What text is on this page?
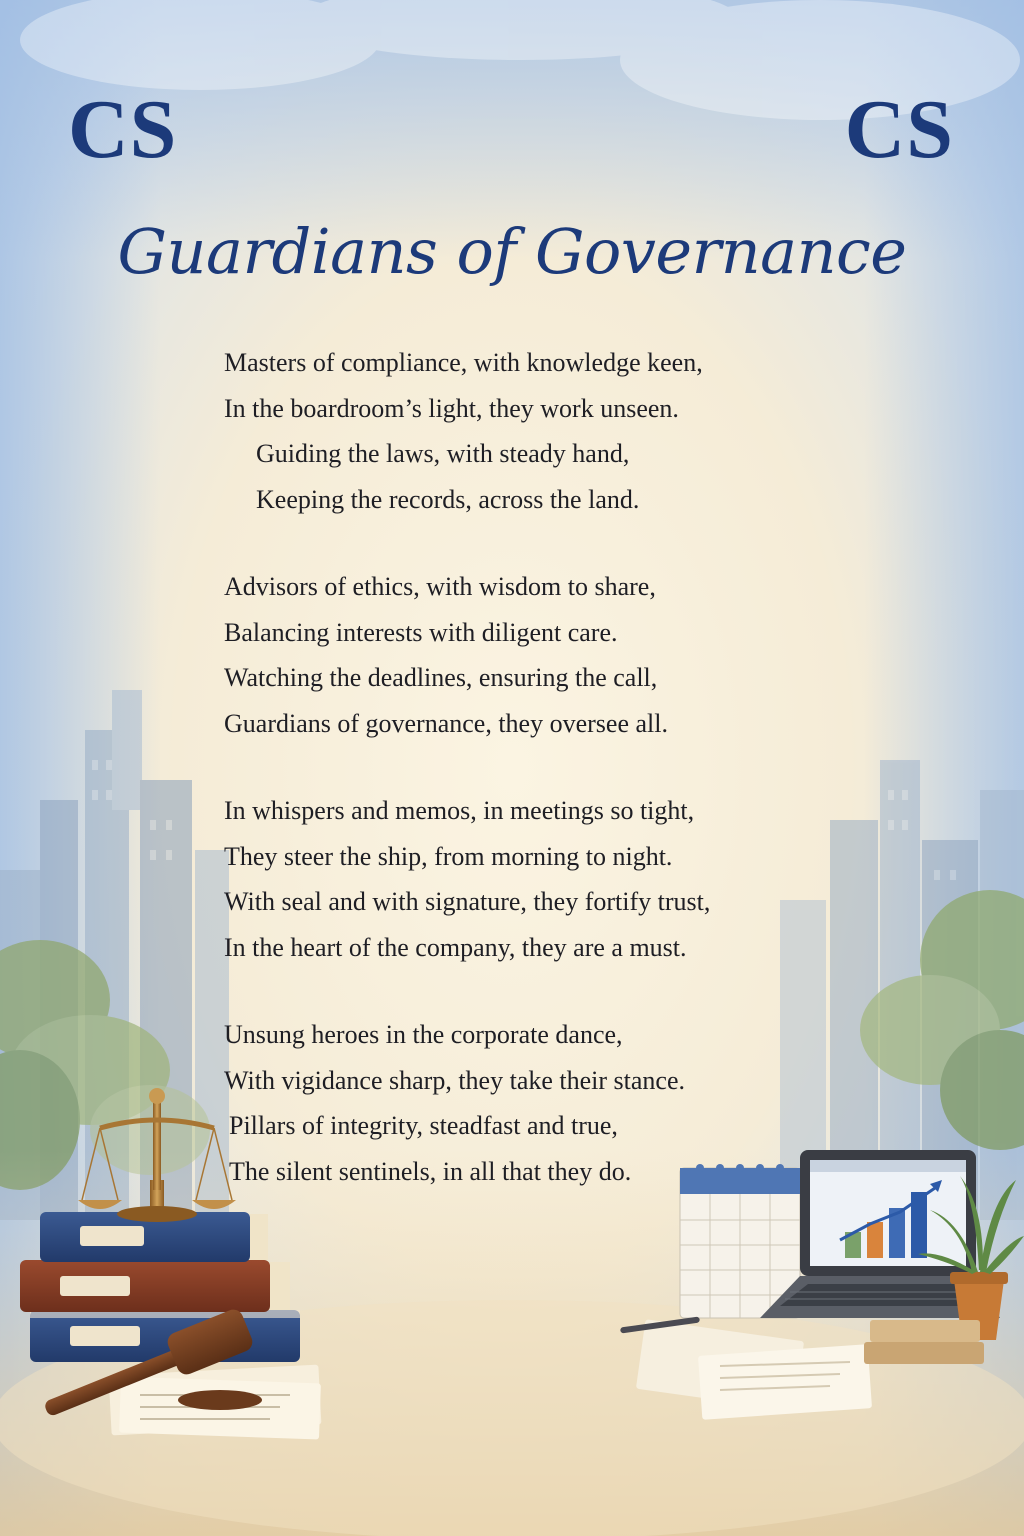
CS	CS
Guardians of Governance
Masters of compliance, with knowledge keen,
In the boardroom’s light, they work unseen.
Guiding the laws, with steady hand,
Keeping the records, across the land.
Advisors of ethics, with wisdom to share,
Balancing interests with diligent care.
Watching the deadlines, ensuring the call,
Guardians of governance, they oversee all.
In whispers and memos, in meetings so tight,
They steer the ship, from morning to night.
With seal and with signature, they fortify trust,
In the heart of the company, they are a must.
Unsung heroes in the corporate dance,
With vigidance sharp, they take their stance.
Pillars of integrity, steadfast and true,
The silent sentinels, in all that they do.
